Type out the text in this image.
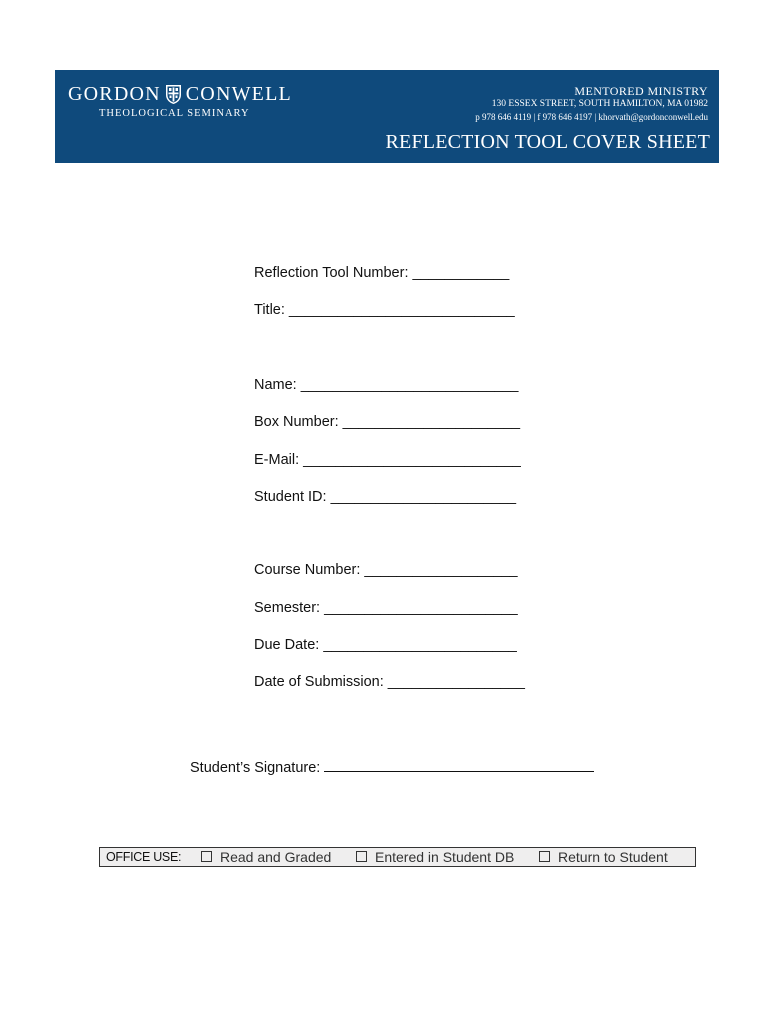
GORDON CONWELL
THEOLOGICAL SEMINARY
MENTORED MINISTRY
130 ESSEX STREET, SOUTH HAMILTON, MA 01982
p 978 646 4119 | f 978 646 4197 | khorvath@gordonconwell.edu
REFLECTION TOOL COVER SHEET
Reflection Tool Number: ____________
Title: ____________________________
Name: ___________________________
Box Number: ______________________
E-Mail: ___________________________
Student ID: _______________________
Course Number: ___________________
Semester: ________________________
Due Date: ________________________
Date of Submission: _________________
Student’s Signature:
OFFICE USE:	Read and Graded	Entered in Student DB	Return to Student
